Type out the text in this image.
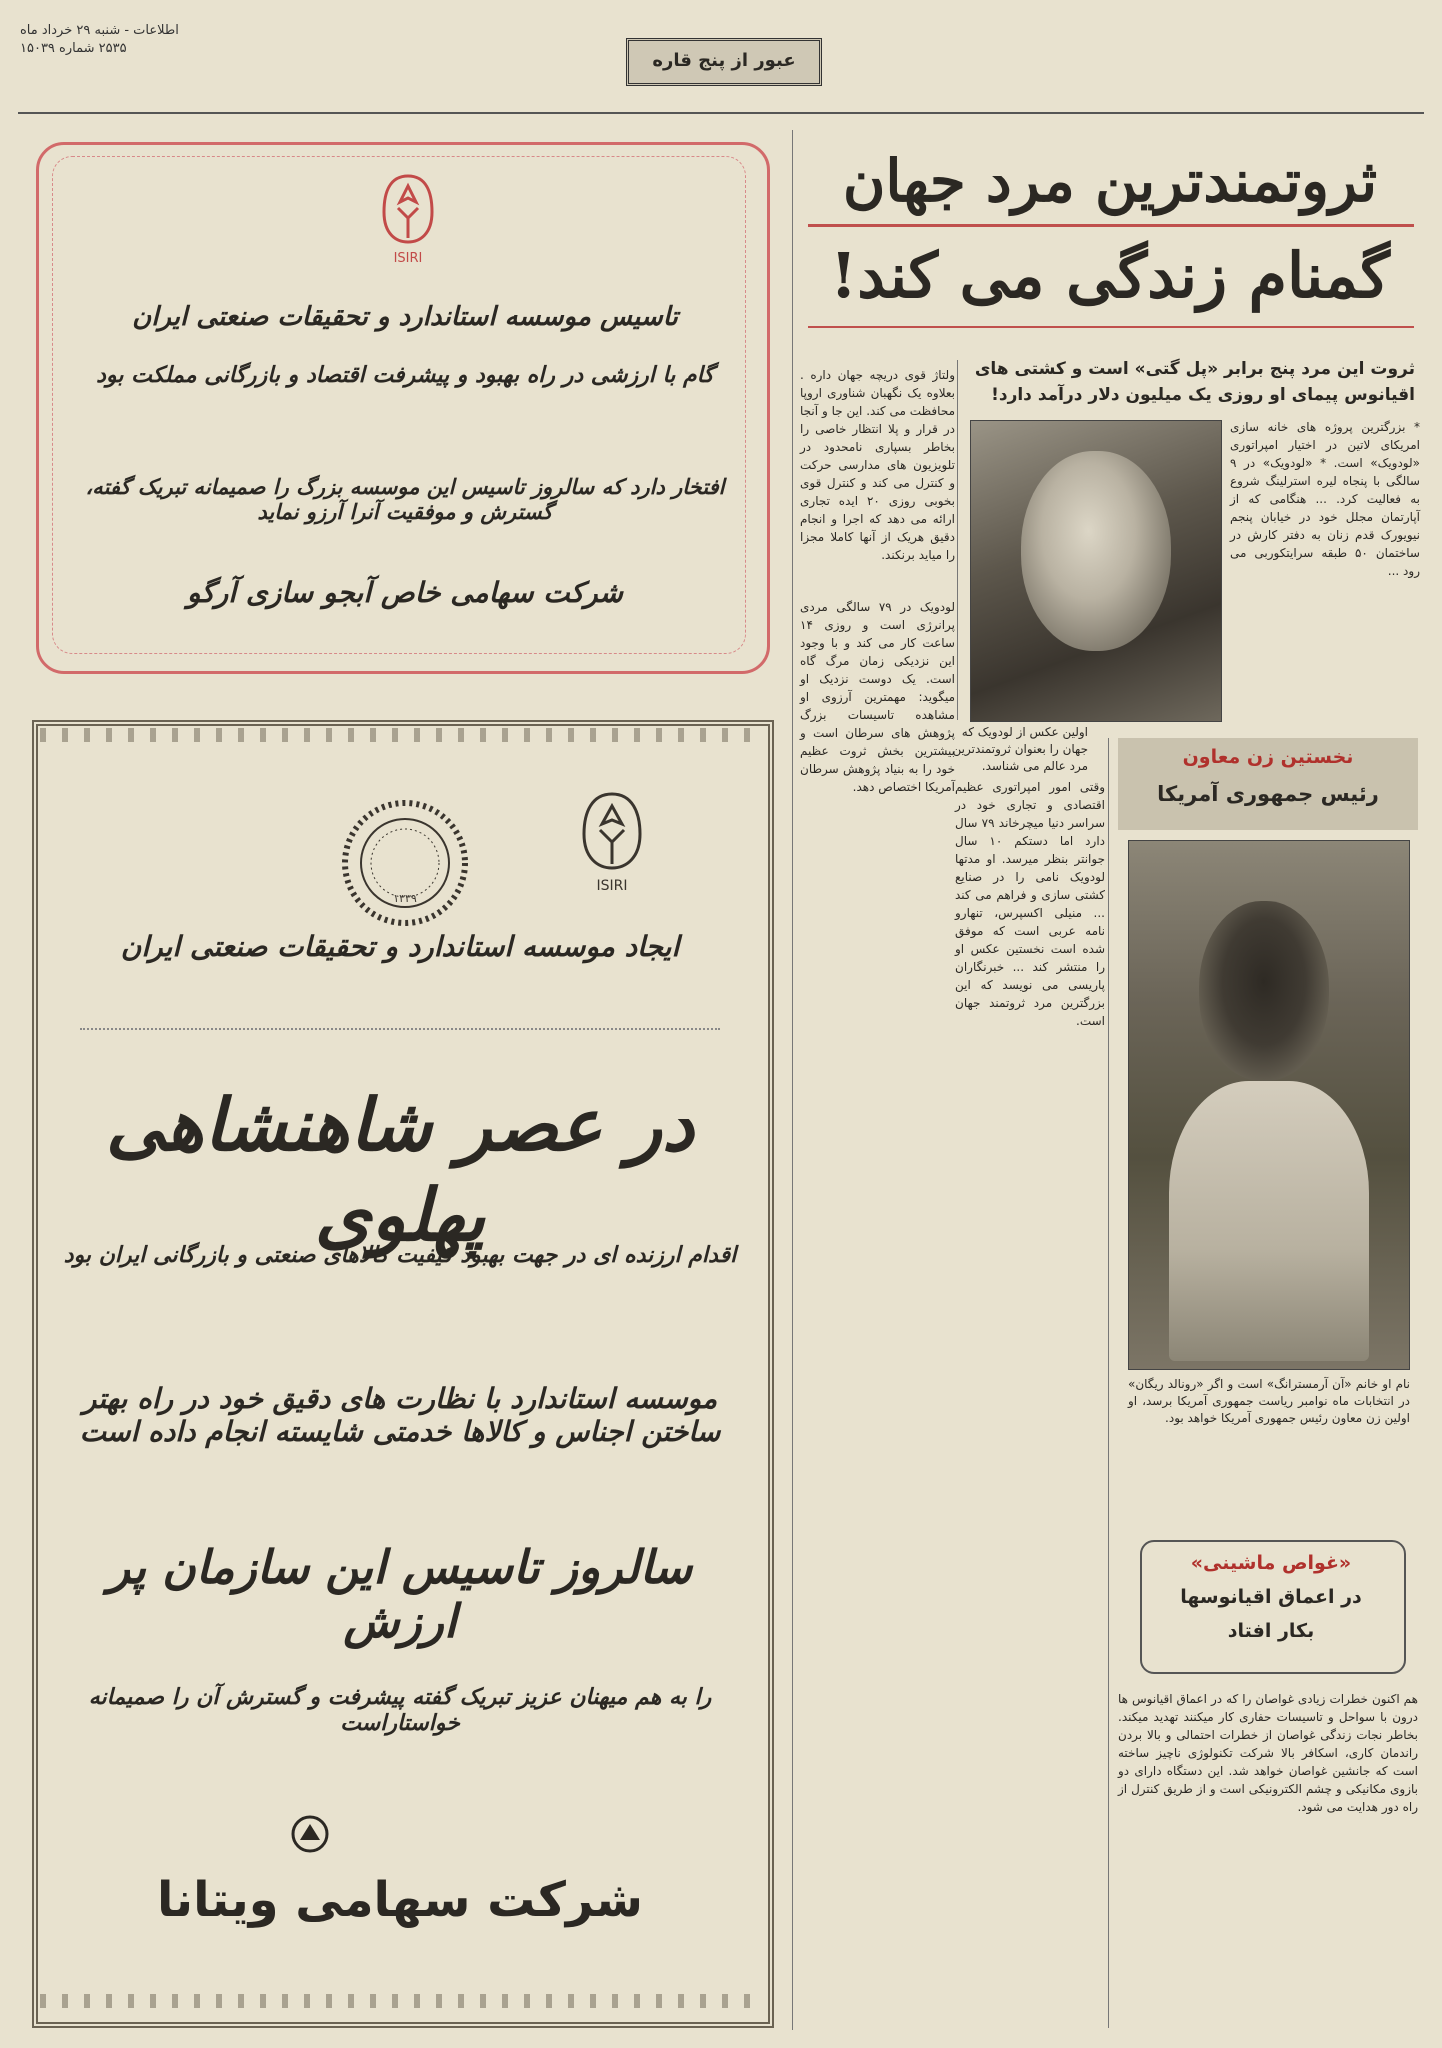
اطلاعات - شنبه ۲۹ خرداد ماه
۲۵۳۵ شماره ۱۵۰۳۹
عبور از پنج قاره
ثروتمندترین مرد جهان
گمنام زندگی می کند!
ثروت این مرد پنج برابر «پل گتی» است و کشتی های
اقیانوس پیمای او روزی یک میلیون دلار درآمد دارد!
* بزرگترین پروژه های خانه سازی امریکای لاتین در اختیار امپراتوری «لودویک» است. * «لودویک» در ۹ سالگی با پنجاه لیره استرلینگ شروع به فعالیت کرد. ... هنگامی که از آپارتمان مجلل خود در خیابان پنجم نیویورک قدم زنان به دفتر کارش در ساختمان ۵۰ طبقه سرایتکوربی می رود ...
اولین عکس از لودویک که جهان را بعنوان ثروتمندترین مرد عالم می شناسد.
ولتاژ قوی دریچه جهان داره . بعلاوه یک نگهبان شناوری اروپا محافظت می کند. این جا و آنجا در قرار و پلا انتظار خاصی را بخاطر بسپاری نامحدود در تلویزیون های مدارسی حرکت و کنترل می کند و کنترل قوی بخوبی روزی ۲۰ ایده تجاری ارائه می دهد که اجرا و انجام دقیق هریک از آنها کاملا مجزا را میاید برنکند.
لودویک در ۷۹ سالگی مردی پرانرژی است و روزی ۱۴ ساعت کار می کند و با وجود این نزدیکی زمان مرگ گاه است. یک دوست نزدیک او میگوید: مهمترین آرزوی او مشاهده تاسیسات بزرگ پژوهش های سرطان است و بیشترین بخش ثروت عظیم خود را به بنیاد پژوهش سرطان آمریکا اختصاص دهد. وقتی امور امپراتوری عظیم اقتصادی و تجاری خود در سراسر دنیا میچرخاند ۷۹ سال دارد اما دستکم ۱۰ سال جوانتر بنظر میرسد. او مدتها لودویک نامی را در صنایع کشتی سازی و فراهم می کند ... منیلی اکسپرس، تنهارو نامه عربی است که موفق شده است نخستین عکس او را منتشر کند ... خبرنگاران پاریسی می نویسد که این بزرگترین مرد ثروتمند جهان است.
نخستین زن معاون
رئیس جمهوری آمریکا
نام او خانم «آن آرمسترانگ» است و اگر «رونالد ریگان» در انتخابات ماه نوامبر ریاست جمهوری آمریکا برسد، او اولین زن معاون رئیس جمهوری آمریکا خواهد بود.
«غواص ماشینی»
در اعماق اقیانوسها
بکار افتاد
هم اکنون خطرات زیادی غواصان را که در اعماق اقیانوس ها درون با سواحل و تاسیسات حفاری کار میکنند تهدید میکند. بخاطر نجات زندگی غواصان از خطرات احتمالی و بالا بردن راندمان کاری، اسکافر بالا شرکت تکنولوژی ناچیز ساخته است که جانشین غواصان خواهد شد. این دستگاه دارای دو بازوی مکانیکی و چشم الکترونیکی است و از طریق کنترل از راه دور هدایت می شود.
ISIRI
تاسیس موسسه استاندارد و تحقیقات صنعتی ایران
گام با ارزشی در راه بهبود و پیشرفت اقتصاد و بازرگانی مملکت بود
افتخار دارد که سالروز تاسیس این موسسه بزرگ را صمیمانه تبریک گفته، گسترش و موفقیت آنرا آرزو نماید
شرکت سهامی خاص آبجو سازی آرگو
ISIRI
۱۳۳۹
ایجاد موسسه استاندارد و تحقیقات صنعتی ایران
در عصر شاهنشاهی پهلوی
اقدام ارزنده ای در جهت بهبود کیفیت کالاهای صنعتی و بازرگانی ایران بود
موسسه استاندارد با نظارت های دقیق خود در راه بهتر ساختن اجناس و کالاها خدمتی شایسته انجام داده است
سالروز تاسیس این سازمان پر ارزش
را به هم میهنان عزیز تبریک گفته پیشرفت و گسترش آن را صمیمانه خواستاراست
شرکت سهامی ویتانا
